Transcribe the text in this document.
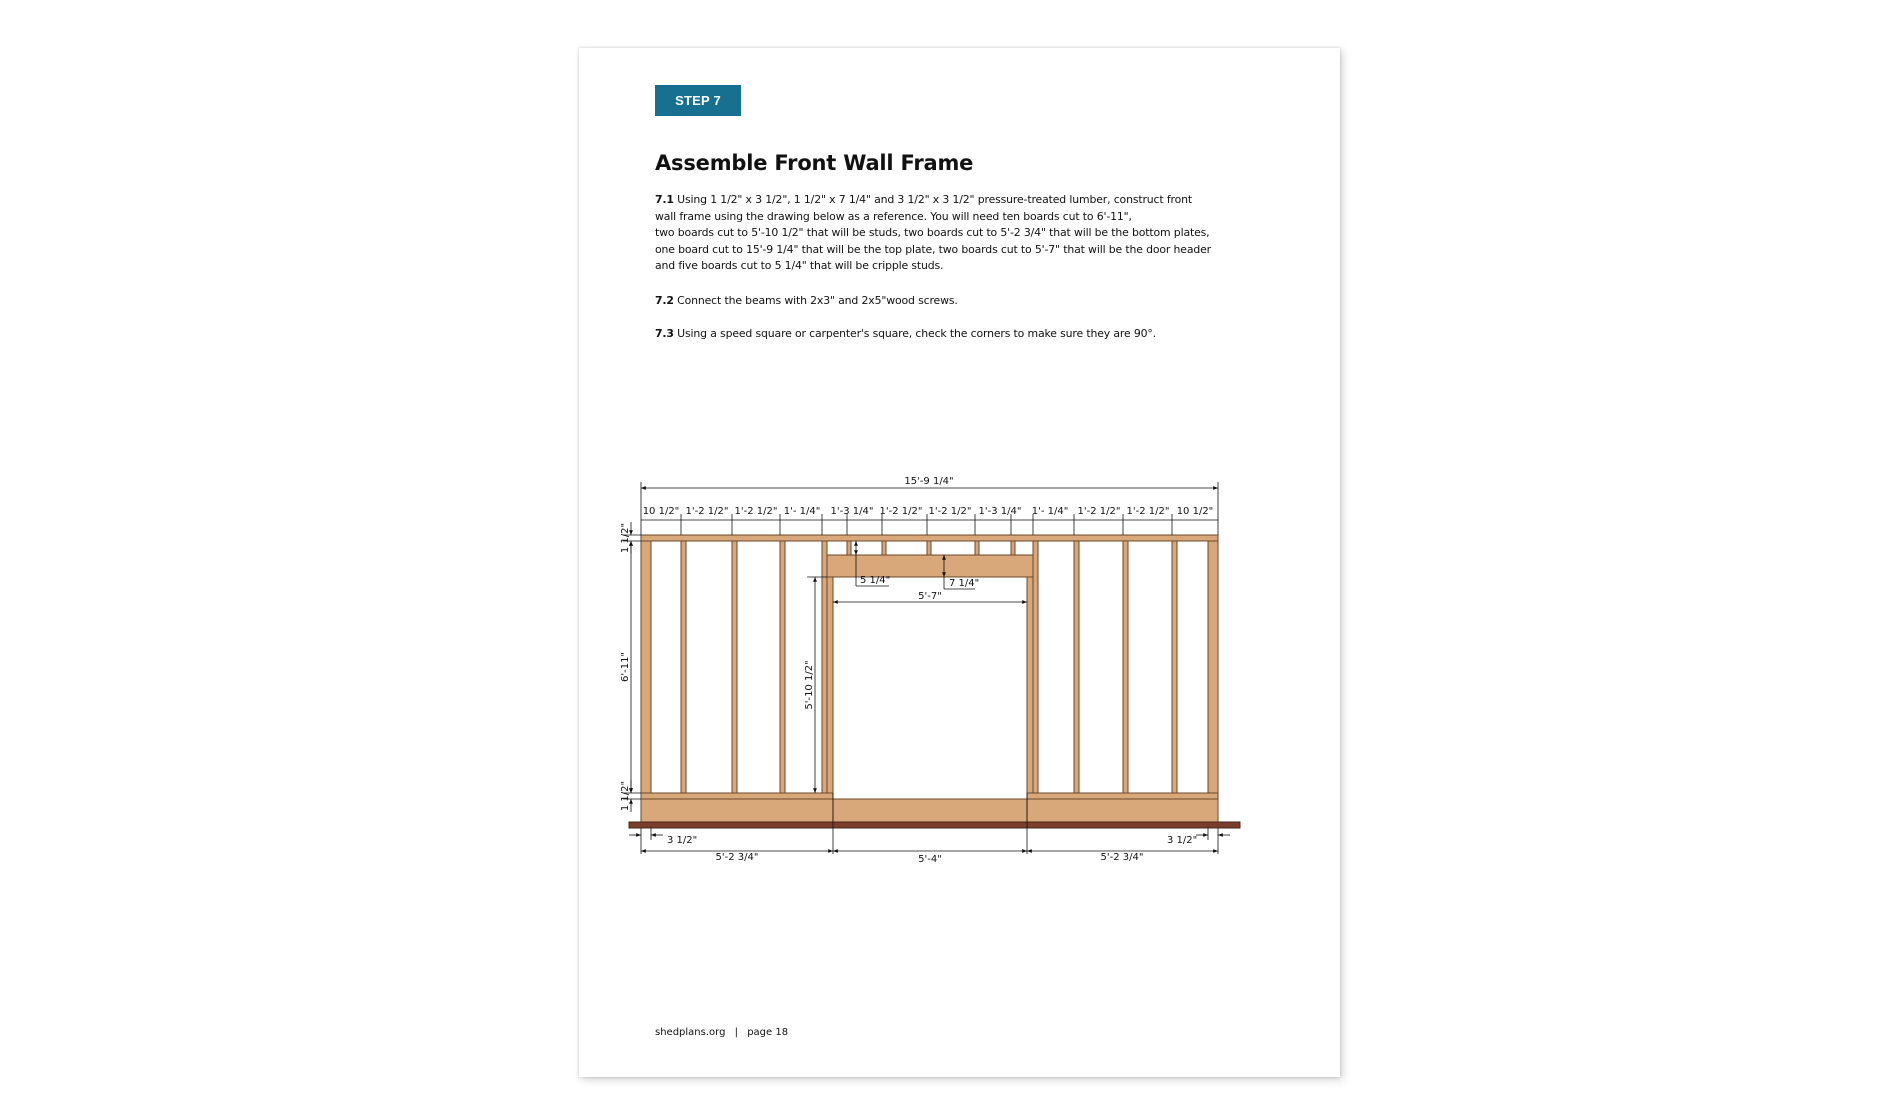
STEP 7
Assemble Front Wall Frame
7.1 Using 1 1/2" x 3 1/2", 1 1/2" x 7 1/4" and 3 1/2" x 3 1/2" pressure-treated lumber, construct front
wall frame using the drawing below as a reference. You will need ten boards cut to 6'-11",
two boards cut to 5'-10 1/2" that will be studs, two boards cut to 5'-2 3/4" that will be the bottom plates,
one board cut to 15'-9 1/4" that will be the top plate, two boards cut to 5'-7" that will be the door header
and five boards cut to 5 1/4" that will be cripple studs.
7.2 Connect the beams with 2x3" and 2x5"wood screws.
7.3 Using a speed square or carpenter's square, check the corners to make sure they are 90°.
15'-9 1/4"
10 1/2" 1'-2 1/2" 1'-2 1/2" 1'- 1/4" 1'-3 1/4" 1'-2 1/2" 1'-2 1/2" 1'-3 1/4" 1'- 1/4" 1'-2 1/2" 1'-2 1/2" 10 1/2"
1 1/2"
6'-11"
1 1/2"
5 1/4"	7 1/4"
5'-7"
5'-10 1/2"
3 1/2"	3 1/2"
5'-2 3/4"	5'-4"	5'-2 3/4"
shedplans.org | page 18
